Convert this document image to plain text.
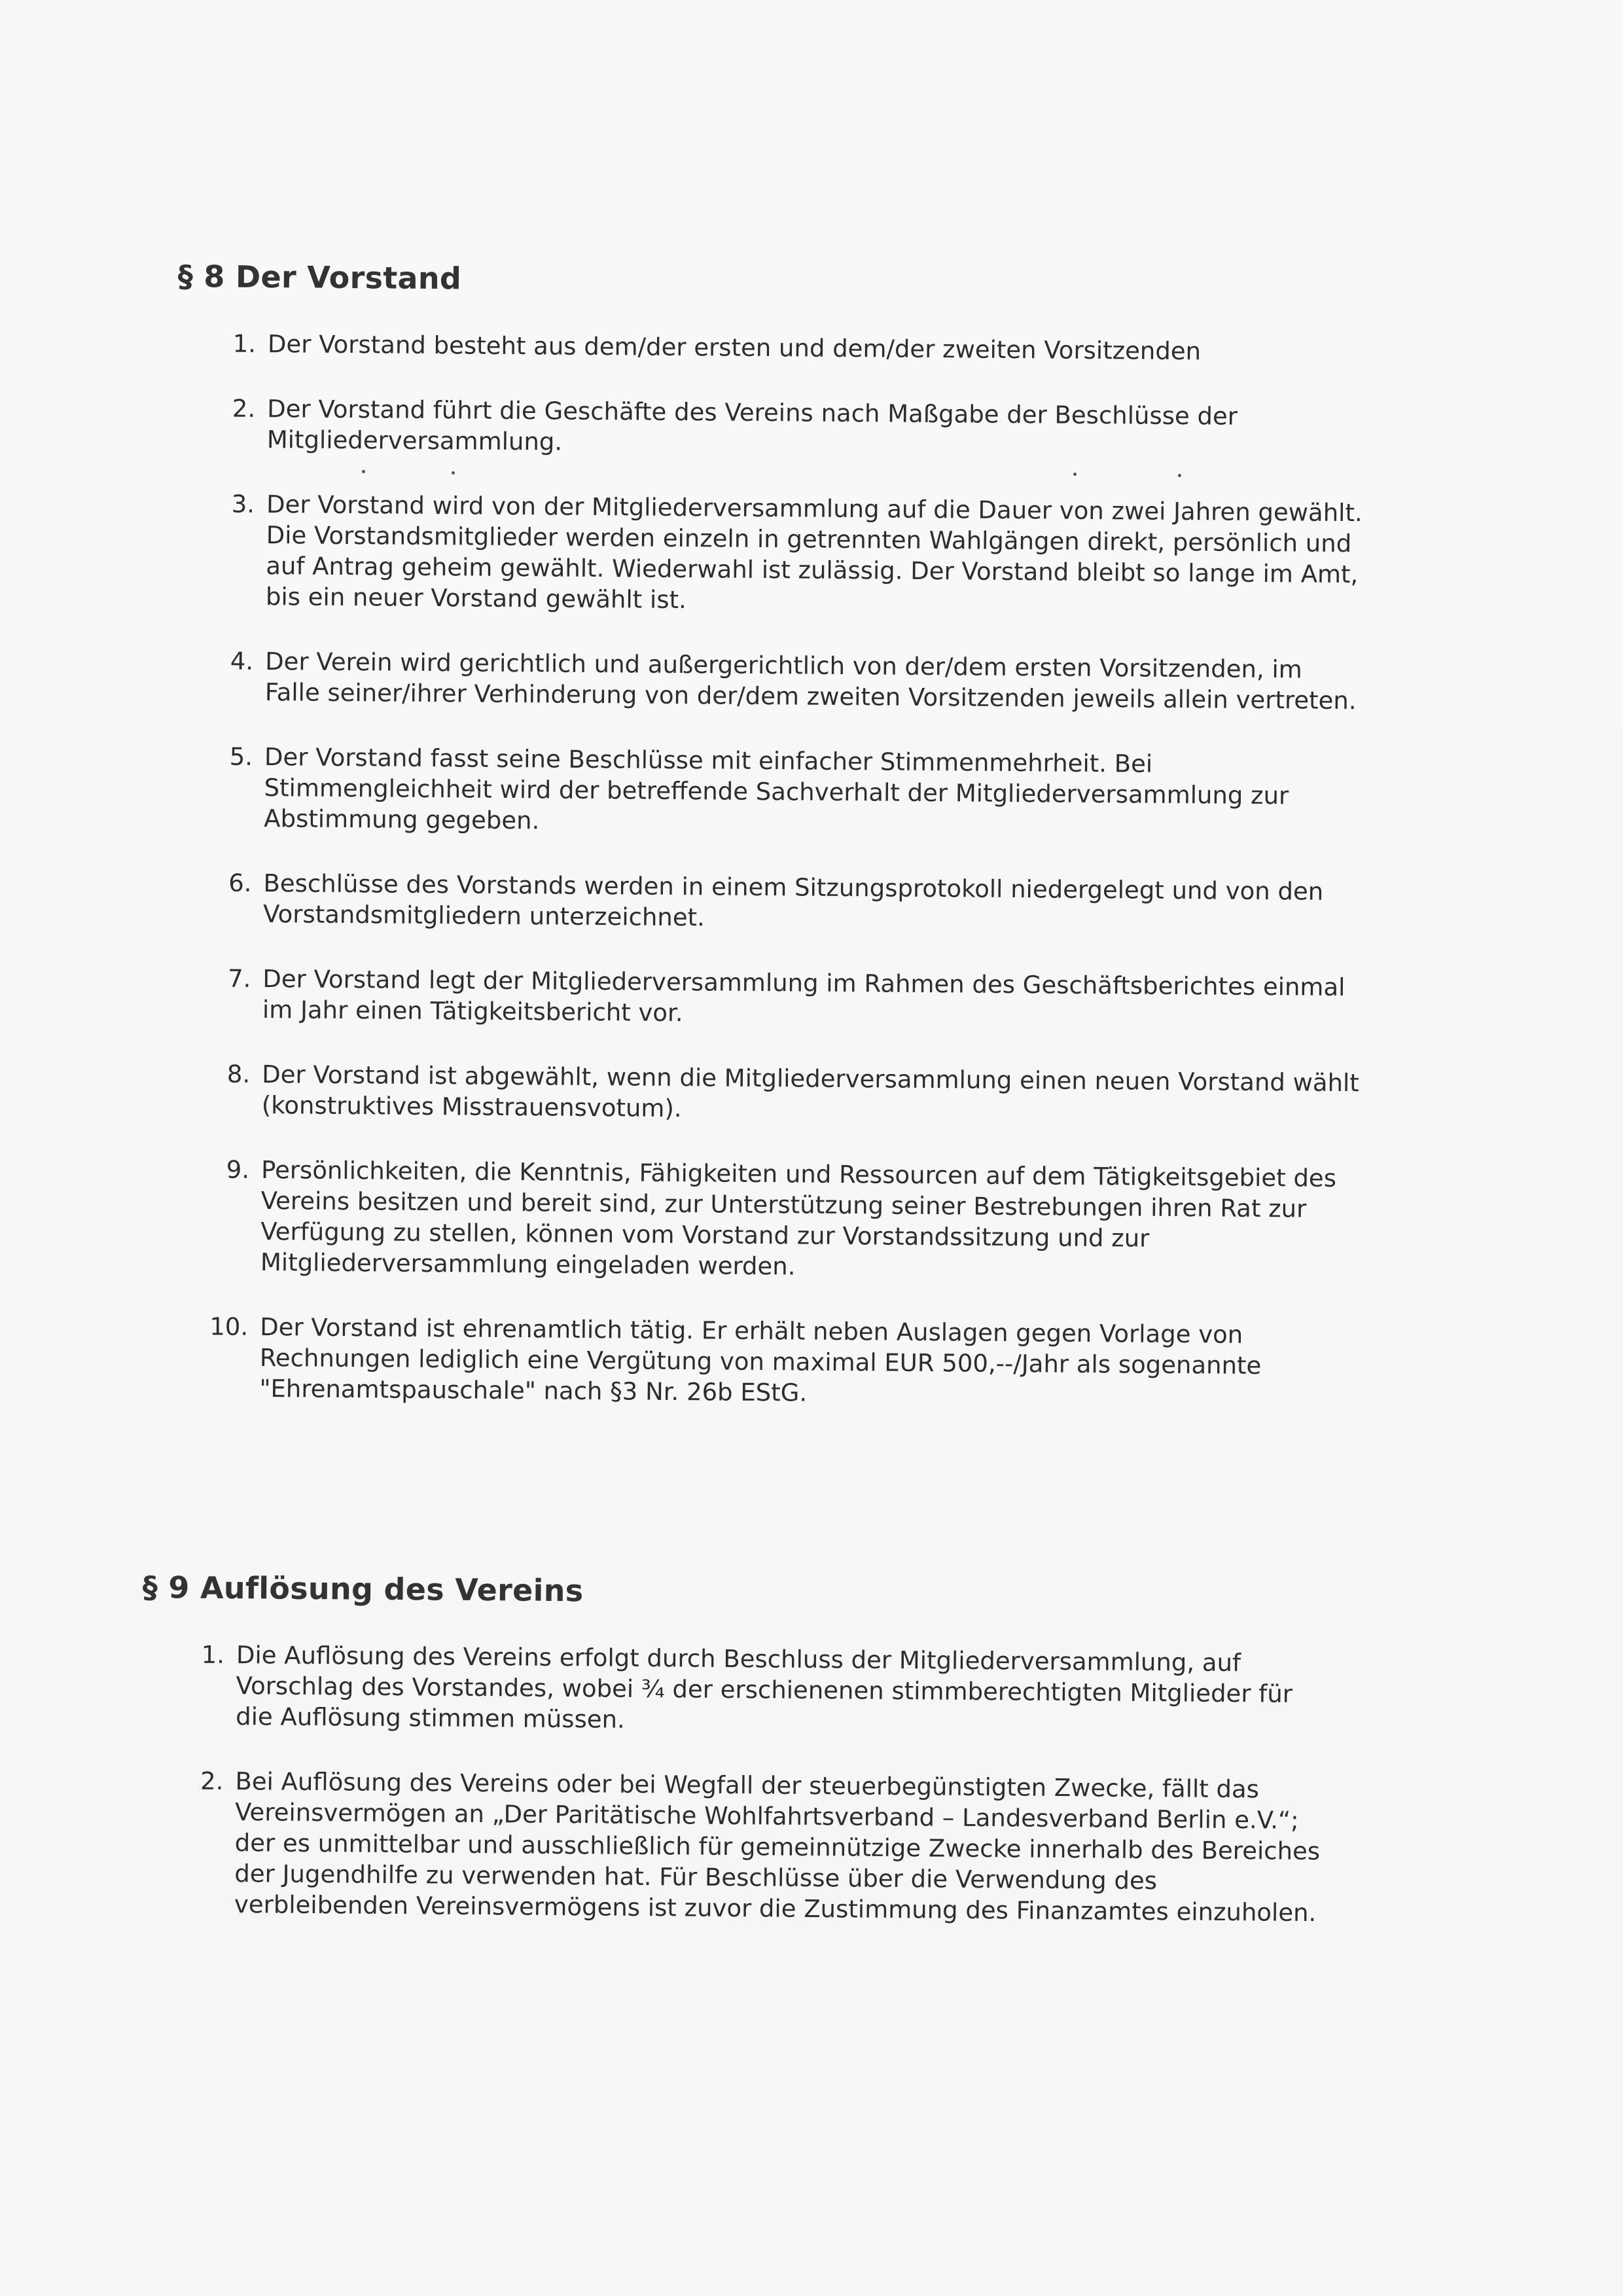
§ 8 Der Vorstand
1. Der Vorstand besteht aus dem/der ersten und dem/der zweiten Vorsitzenden
2. Der Vorstand führt die Geschäfte des Vereins nach Maßgabe der Beschlüsse der Mitgliederversammlung.
3. Der Vorstand wird von der Mitgliederversammlung auf die Dauer von zwei Jahren gewählt. Die Vorstandsmitglieder werden einzeln in getrennten Wahlgängen direkt, persönlich und auf Antrag geheim gewählt. Wiederwahl ist zulässig. Der Vorstand bleibt so lange im Amt, bis ein neuer Vorstand gewählt ist.
4. Der Verein wird gerichtlich und außergerichtlich von der/dem ersten Vorsitzenden, im Falle seiner/ihrer Verhinderung von der/dem zweiten Vorsitzenden jeweils allein vertreten.
5. Der Vorstand fasst seine Beschlüsse mit einfacher Stimmenmehrheit. Bei Stimmengleichheit wird der betreffende Sachverhalt der Mitgliederversammlung zur Abstimmung gegeben.
6. Beschlüsse des Vorstands werden in einem Sitzungsprotokoll niedergelegt und von den Vorstandsmitgliedern unterzeichnet.
7. Der Vorstand legt der Mitgliederversammlung im Rahmen des Geschäftsberichtes einmal im Jahr einen Tätigkeitsbericht vor.
8. Der Vorstand ist abgewählt, wenn die Mitgliederversammlung einen neuen Vorstand wählt (konstruktives Misstrauensvotum).
9. Persönlichkeiten, die Kenntnis, Fähigkeiten und Ressourcen auf dem Tätigkeitsgebiet des Vereins besitzen und bereit sind, zur Unterstützung seiner Bestrebungen ihren Rat zur Verfügung zu stellen, können vom Vorstand zur Vorstandssitzung und zur Mitgliederversammlung eingeladen werden.
10. Der Vorstand ist ehrenamtlich tätig. Er erhält neben Auslagen gegen Vorlage von Rechnungen lediglich eine Vergütung von maximal EUR 500,--/Jahr als sogenannte "Ehrenamtspauschale" nach §3 Nr. 26b EStG.
§ 9 Auflösung des Vereins
1. Die Auflösung des Vereins erfolgt durch Beschluss der Mitgliederversammlung, auf Vorschlag des Vorstandes, wobei ¾ der erschienenen stimmberechtigten Mitglieder für die Auflösung stimmen müssen.
2. Bei Auflösung des Vereins oder bei Wegfall der steuerbegünstigten Zwecke, fällt das Vereinsvermögen an „Der Paritätische Wohlfahrtsverband – Landesverband Berlin e.V.“; der es unmittelbar und ausschließlich für gemeinnützige Zwecke innerhalb des Bereiches der Jugendhilfe zu verwenden hat. Für Beschlüsse über die Verwendung des verbleibenden Vereinsvermögens ist zuvor die Zustimmung des Finanzamtes einzuholen.
